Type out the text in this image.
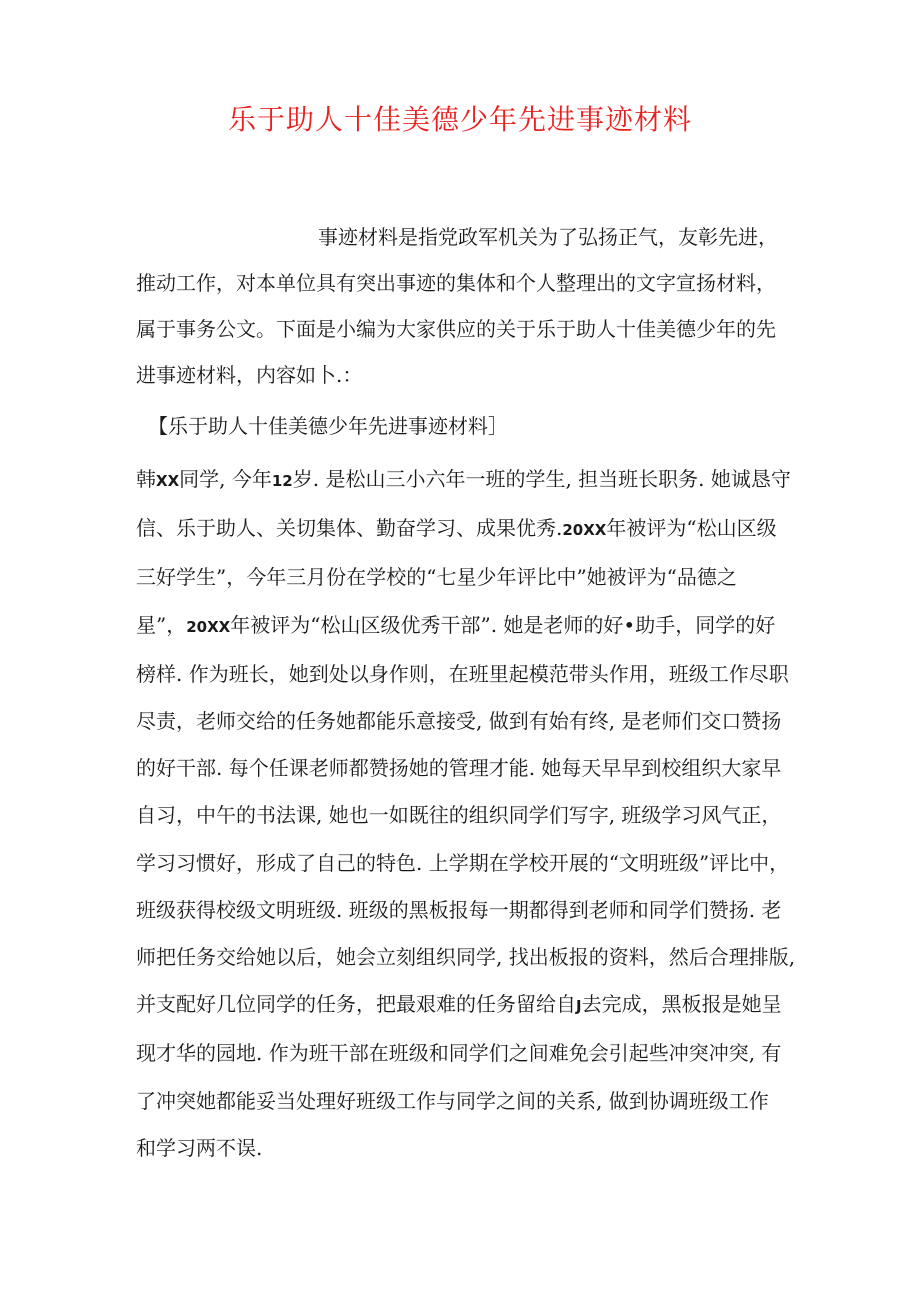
乐于助人十佳美德少年先进事迹材料

事迹材料是指党政军机关为了弘扬正气，友彰先进，

推动工作，对本单位具有突出事迹的集体和个人整理出的文字宣扬材料，

属于事务公文。下面是小编为大家供应的关于乐于助人十佳美德少年的先

进事迹材料，内容如卜.：

【乐于助人十佳美德少年先进事迹材料］

韩XX同学, 今年12岁. 是松山三小六年一班的学生, 担当班长职务. 她诚恳守

信、乐于助人、关切集体、勤奋学习、成果优秀.20XX年被评为“松山区级

三好学生”，今年三月份在学校的“七星少年评比中”她被评为“品德之

星”，20XX年被评为“松山区级优秀干部”. 她是老师的好•助手，同学的好

榜样. 作为班长，她到处以身作则，在班里起模范带头作用，班级工作尽职

尽责，老师交给的任务她都能乐意接受, 做到有始有终, 是老师们交口赞扬

的好干部. 每个任课老师都赞扬她的管理才能. 她每天早早到校组织大家早

自习，中午的书法课, 她也一如既往的组织同学们写字, 班级学习风气正，

学习习惯好，形成了自己的特色. 上学期在学校开展的“文明班级”评比中，

班级获得校级文明班级. 班级的黑板报每一期都得到老师和同学们赞扬. 老

师把任务交给她以后，她会立刻组织同学, 找出板报的资料，然后合理排版,

并支配好几位同学的任务，把最艰难的任务留给自J去完成，黑板报是她呈

现才华的园地. 作为班干部在班级和同学们之间难免会引起些冲突冲突, 有

了冲突她都能妥当处理好班级工作与同学之间的关系, 做到协调班级工作

和学习两不误.
